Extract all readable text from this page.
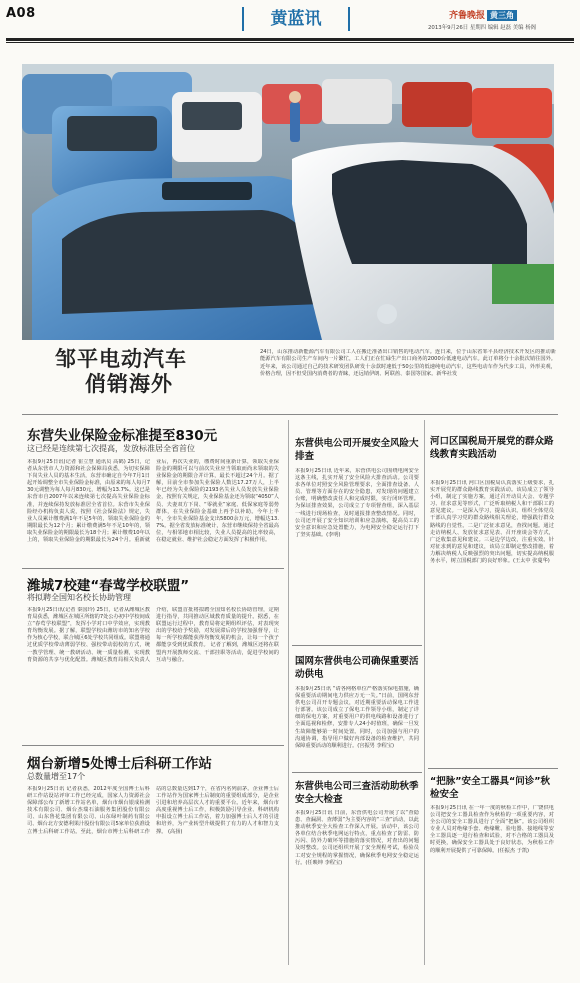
A08	黄蓝讯	齐鲁晚报 黄三角
2013年9月26日 星期四 编辑 赵磊 美编 杨阁
邹平电动汽车
俏销海外
24日，山东推动新能源汽车有限公司工人在搬迁准备出口销售的电动汽车。连日来，位于山东省邹平县经济技术开发区的推动新能源汽车有限公司生产车间内一片繁忙，工人们正在忙碌生产出口商务的2000台低速电动汽车。此订单将分十余批次销往国外。近年来，该公司通过自己的技术研发团队研发十余款时速低于50公里的低速纯电动汽车，这些电动车作为代步工具，外形美观，价格合理，因不但受国内消费者的青睐，还远销伊朗、阿联酋、泰国等国家。新华社发
东营失业保险金标准提至830元
这已经是连续第七次提高，发放标准居全省首位
本报9月25日讯(记者 崔立慧 通讯员 高鹤) 25日，记者从东营市人力资源和社会保障局获悉，为切实保障下岗失业人员的基本生活，东营市确定自今年7月1日起开始调整全市失业保险金标准，由原来的每人每月730元调整为每人每月830元，增幅为13.7%。这已是东营市自2007年以来连续第七次提高失业保险金标准，并连续保持发放标准居全省首位。东营市失业保险经办机构负责人说，按照《社会保险法》规定，失业人员累计缴费满1年不足5年的，领取失业保险金的期限最长为12个月；累计缴费满5年不足10年的，领取失业保险金的期限最长为18个月；累计缴费10年以上的，领取失业保险金的期限最长为24个月。重新就业后，再次失业的，缴费时间重新计算，领取失业保险金的期限可以与前次失业应当领取而尚未领取的失业保险金的期限合并计算，最长不超过24个月。据了解，目前全市参加失业保险人数达17.27万人，上半年已经为失业保险的2193名失业人员发放失业保险金，按照有关规定，失业保险基金还为领取“4050”人员、夫妻双方下岗、“零就业”家庭、低保家庭等弱势群体，在失业保险金基础上再予以补助。今年上半年，全市失业保险基金支出5800余万元，增幅达13.7%。据全省发放标准统计，东营市继续保持全省最高位，与相邻地市相比较，失业人员提高的比率较高，在稳定就业、维护社会稳定方面发挥了积极作用。
潍城7校建“春莺学校联盟”
将拟聘全国知名校长协助管理
本报9月25日讯(记者 秦国玲) 25日，记者从潍城区教育局获悉，潍城区在城区所辖的7处公办初中学校间成立“春莺学校联盟”，发挥小学对口中学效应，实现教育均衡发展。据了解，联盟学校由潍坊市的知名学校作为核心学校，联合城区6处学校共同组成。联盟将通过优质学校带动薄弱学校、强校带动弱校的方式，统一教学管理、统一教研活动、统一质量检测，实现教育资源的共享与优化配置。潍城区教育局相关负责人介绍，联盟首批将拟聘全国知名校长协助管理，定期进行指导，共同推动区域教育质量的提升。据悉，在联盟运行过程中，教育局将定期组织评估，对表现突出的学校给予奖励，对发展滞后的学校加强督导，让每一所学校都能获得均衡发展的机会，让每一个孩子都能享受到优质教育。 记者了解到，潍城区还将在联盟内开展教师交流、干部挂职等活动，促进学校间的互动与融合。
烟台新增5处博士后科研工作站
总数量增至17个
本报9月25日讯 记者获悉，2012年度全国博士后科研工作站设站评审工作已经完成，国家人力资源社会保障部公布了新增工作站名单，烟台市烟台银成检测技术有限公司、烟台杰瑞石油服务集团股份有限公司、山东鲁花集团有限公司、山东绿叶制药有限公司、烟台北方安德利果汁股份有限公司5家单位获准设立博士后科研工作站。至此，烟台市博士后科研工作站的总数量达到17个，在省内名列前茅。企业博士后工作站作为国家博士后制度的重要组成部分，是企业引进和培养高层次人才的重要平台。近年来，烟台市高度重视博士后工作，积极鼓励引导企业、科研机构申报设立博士后工作站，着力加强博士后人才的引进和培养，为产业转型升级提供了有力的人才和智力支撑。 (高扬)
东营供电公司开展安全风险大排查
本报9月25日讯 近年来，东营供电公司围绕电网安全这条主线，扎实开展了安全风险大排查活动。公司要求各单位对照安全风险管理要求，全面排查设备、人员、管理等方面存在的安全隐患，对发现的问题建立台账，明确整改责任人和完成时限，实行闭环管理。为保证排查效果，公司成立了专项督查组，深入基层一线进行现场检查，及时通报排查整改情况。同时，公司还开展了安全知识培训和应急演练，提高员工的安全意识和应急处置能力，为电网安全稳定运行打下了坚实基础。(李明)
国网东营供电公司确保重要活动供电
本报9月25日讯 “请各网格单位严格落实保电措施，确保重要活动期间电力供应万无一失。”日前，国网东营供电公司召开专题会议，对近期重要活动保电工作进行部署。该公司成立了保电工作领导小组，制定了详细的保电方案，对重要用户的供电线路和设备进行了全面巡视和检修，安排专人24小时值班，确保一旦发生故障能够第一时间处置。同时，公司加强与用户的沟通协调，指导用户做好内部设备的检查维护，共同保障重要活动的顺利进行。(宫振男 李程宝)
东营供电公司三查活动助秋季安全大检查
本报9月25日讯 日前，东营供电公司开展了以“查隐患、查漏洞、查薄弱”为主要内容的“三查”活动，以此推动秋季安全大检查工作深入开展。活动中，该公司各单位结合秋季电网运行特点，重点检查了防雷、防污闪、防外力破坏等措施的落实情况，对查出的问题及时整改。公司还组织开展了安全规程考试，检验员工对安全规程的掌握情况，确保秋季电网安全稳定运行。(任映坤 李程宝)
河口区国税局开展党的群众路线教育实践活动
本报9月25日讯 河口区国税局认真落实上级要求，扎实开展党的群众路线教育实践活动。该局成立了领导小组，制定了实施方案，通过召开动员大会、专题学习、征求意见等形式，广泛听取纳税人和干部职工的意见建议。一是深入学习，提高认识。组织全体党员干部认真学习党的群众路线相关理论，增强践行群众路线的自觉性。二是广泛征求意见，查找问题。通过走访纳税人、发放征求意见表、召开座谈会等方式，广泛收集意见和建议。三是边学边改，注重实效。针对征求到的意见和建议，该局立即制定整改措施，着力解决纳税人反映强烈的突出问题，切实提高纳税服务水平，树立国税部门的良好形象。(王太中 张蔓华)
“把脉”安全工器具“问诊”秋检安全
本报9月25日讯 在一年一度的秋检工作中，广饶供电公司把安全工器具检查作为秋检的一项重要内容，对全公司的安全工器具进行了全面“把脉”。该公司组织专业人员对绝缘手套、绝缘靴、验电器、接地线等安全工器具逐一进行检查和试验，对不合格的工器具及时更换，确保安全工器具处于良好状态，为秋检工作的顺利开展提供了可靠保障。(任振杰 于凯)
